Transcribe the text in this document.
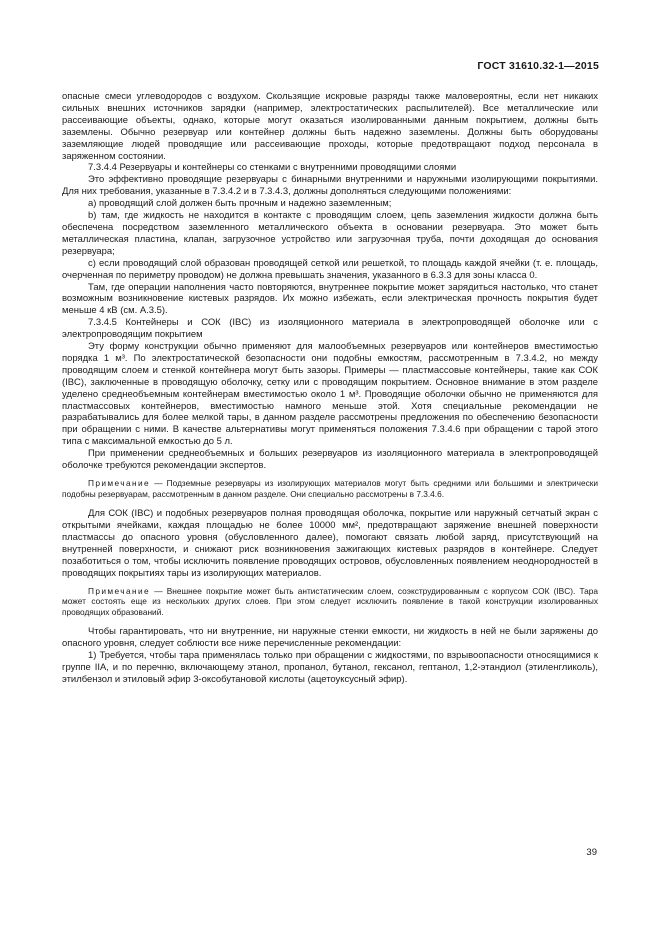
ГОСТ 31610.32-1—2015

опасные смеси углеводородов с воздухом. Скользящие искровые разряды также маловероятны, если нет никаких сильных внешних источников зарядки (например, электростатических распылителей). Все металлические или рассеивающие объекты, однако, которые могут оказаться изолированными данным покрытием, должны быть заземлены. Обычно резервуар или контейнер должны быть надежно заземлены. Должны быть оборудованы заземляющие людей проводящие или рассеивающие проходы, которые предотвращают подход персонала в заряженном состоянии.

7.3.4.4 Резервуары и контейнеры со стенками с внутренними проводящими слоями

Это эффективно проводящие резервуары с бинарными внутренними и наружными изолирующими покрытиями. Для них требования, указанные в 7.3.4.2 и в 7.3.4.3, должны дополняться следующими положениями:

a) проводящий слой должен быть прочным и надежно заземленным;

b) там, где жидкость не находится в контакте с проводящим слоем, цепь заземления жидкости должна быть обеспечена посредством заземленного металлического объекта в основании резервуара. Это может быть металлическая пластина, клапан, загрузочное устройство или загрузочная труба, почти доходящая до основания резервуара;

c) если проводящий слой образован проводящей сеткой или решеткой, то площадь каждой ячейки (т. е. площадь, очерченная по периметру проводом) не должна превышать значения, указанного в 6.3.3 для зоны класса 0.

Там, где операции наполнения часто повторяются, внутреннее покрытие может зарядиться настолько, что станет возможным возникновение кистевых разрядов. Их можно избежать, если электрическая прочность покрытия будет меньше 4 кВ (см. А.3.5).

7.3.4.5 Контейнеры и СОК (IBC) из изоляционного материала в электропроводящей оболочке или с электропроводящим покрытием

Эту форму конструкции обычно применяют для малообъемных резервуаров или контейнеров вместимостью порядка 1 м³. По электростатической безопасности они подобны емкостям, рассмотренным в 7.3.4.2, но между проводящим слоем и стенкой контейнера могут быть зазоры. Примеры — пластмассовые контейнеры, такие как СОК (IBC), заключенные в проводящую оболочку, сетку или с проводящим покрытием. Основное внимание в этом разделе уделено среднеобъемным контейнерам вместимостью около 1 м³. Проводящие оболочки обычно не применяются для пластмассовых контейнеров, вместимостью намного меньше этой. Хотя специальные рекомендации не разрабатывались для более мелкой тары, в данном разделе рассмотрены предложения по обеспечению безопасности при обращении с ними. В качестве альтернативы могут применяться положения 7.3.4.6 при обращении с тарой этого типа с максимальной емкостью до 5 л.

При применении среднеобъемных и больших резервуаров из изоляционного материала в электропроводящей оболочке требуются рекомендации экспертов.

Примечание — Подземные резервуары из изолирующих материалов могут быть средними или большими и электрически подобны резервуарам, рассмотренным в данном разделе. Они специально рассмотрены в 7.3.4.6.

Для СОК (IBC) и подобных резервуаров полная проводящая оболочка, покрытие или наружный сетчатый экран с открытыми ячейками, каждая площадью не более 10000 мм², предотвращают заряжение внешней поверхности пластмассы до опасного уровня (обусловленного далее), помогают связать любой заряд, присутствующий на внутренней поверхности, и снижают риск возникновения зажигающих кистевых разрядов в контейнере. Следует позаботиться о том, чтобы исключить появление проводящих островов, обусловленных появлением неоднородностей в проводящих покрытиях тары из изолирующих материалов.

Примечание — Внешнее покрытие может быть антистатическим слоем, соэкструдированным с корпусом СОК (IBC). Тара может состоять еще из нескольких других слоев. При этом следует исключить появление в такой конструкции изолированных проводящих образований.

Чтобы гарантировать, что ни внутренние, ни наружные стенки емкости, ни жидкость в ней не были заряжены до опасного уровня, следует соблюсти все ниже перечисленные рекомендации:

1) Требуется, чтобы тара применялась только при обращении с жидкостями, по взрывоопасности относящимися к группе IIA, и по перечню, включающему этанол, пропанол, бутанол, гексанол, гептанол, 1,2-этандиол (этиленгликоль), этилбензол и этиловый эфир 3-оксобутановой кислоты (ацетоуксусный эфир).

39
